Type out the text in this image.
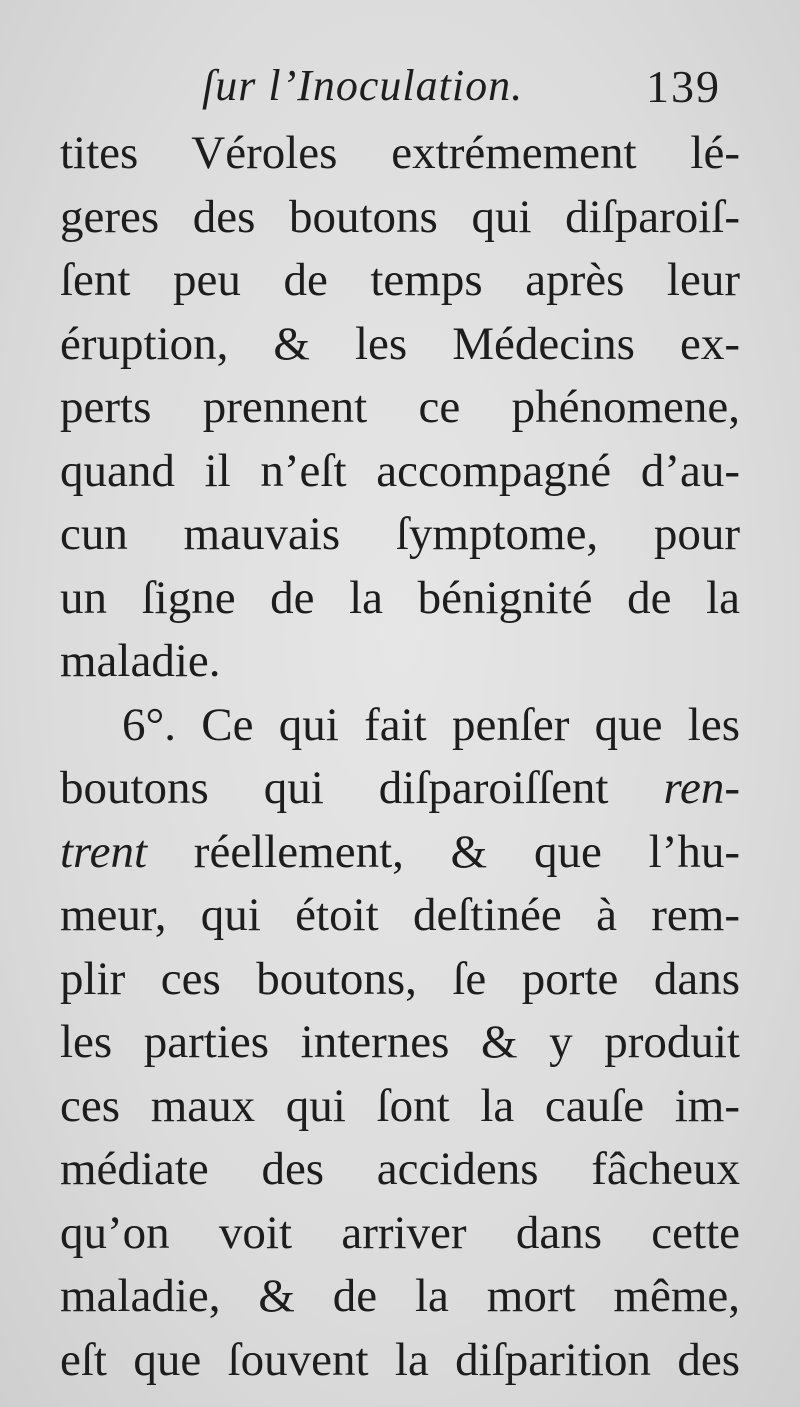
ſur l’Inoculation.	139
tites Véroles extrémement lé-
geres des boutons qui diſparoiſ-
ſent peu de temps après leur
éruption, & les Médecins ex-
perts prennent ce phénomene,
quand il n’eſt accompagné d’au-
cun mauvais ſymptome, pour
un ſigne de la bénignité de la
maladie.
6°. Ce qui fait penſer que les
boutons qui diſparoiſſent ren-
trent réellement, & que l’hu-
meur, qui étoit deſtinée à rem-
plir ces boutons, ſe porte dans
les parties internes & y produit
ces maux qui ſont la cauſe im-
médiate des accidens fâcheux
qu’on voit arriver dans cette
maladie, & de la mort même,
eſt que ſouvent la diſparition des
